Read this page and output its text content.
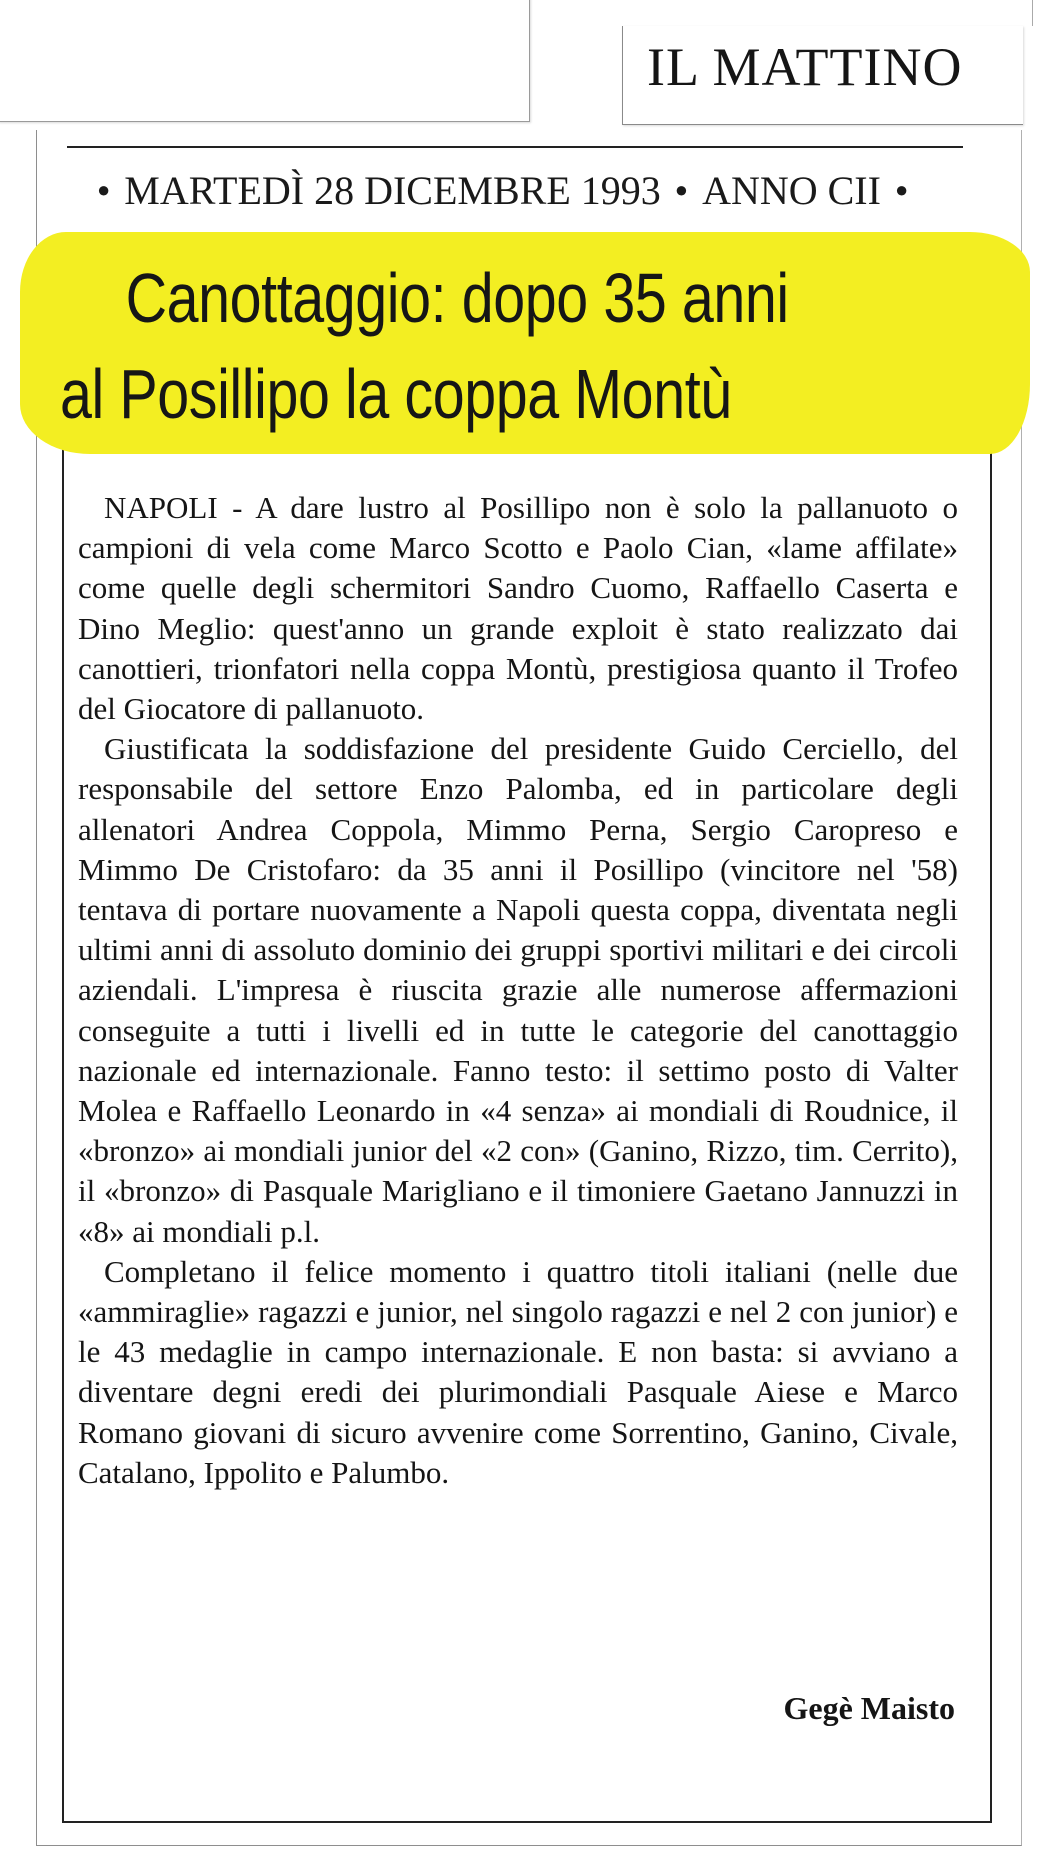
IL MATTINO
● MARTEDÌ 28 DICEMBRE 1993 ● ANNO CII ●
Canottaggio: dopo 35 anni
al Posillipo la coppa Montù

NAPOLI - A dare lustro al Posillipo non è solo la pallanuoto o campioni di vela come Marco Scotto e Paolo Cian, «lame affilate» come quelle degli schermitori Sandro Cuomo, Raffaello Caserta e Dino Meglio: quest'anno un grande exploit è stato realizzato dai canottieri, trionfatori nella coppa Montù, prestigiosa quanto il Trofeo del Giocatore di pallanuoto.

Giustificata la soddisfazione del presidente Guido Cerciello, del responsabile del settore Enzo Palomba, ed in particolare degli allenatori Andrea Coppola, Mimmo Perna, Sergio Caropreso e Mimmo De Cristofaro: da 35 anni il Posillipo (vincitore nel '58) tentava di portare nuovamente a Napoli questa coppa, diventata negli ultimi anni di assoluto dominio dei gruppi sportivi militari e dei circoli aziendali. L'impresa è riuscita grazie alle numerose affermazioni conseguite a tutti i livelli ed in tutte le categorie del canottaggio nazionale ed internazionale. Fanno testo: il settimo posto di Valter Molea e Raffaello Leonardo in «4 senza» ai mondiali di Roudnice, il «bronzo» ai mondiali junior del «2 con» (Ganino, Rizzo, tim. Cerrito), il «bronzo» di Pasquale Marigliano e il timoniere Gaetano Jannuzzi in «8» ai mondiali p.l.

Completano il felice momento i quattro titoli italiani (nelle due «ammiraglie» ragazzi e junior, nel singolo ragazzi e nel 2 con junior) e le 43 medaglie in campo internazionale. E non basta: si avviano a diventare degni eredi dei plurimondiali Pasquale Aiese e Marco Romano giovani di sicuro avvenire come Sorrentino, Ganino, Civale, Catalano, Ippolito e Palumbo.

Gegè Maisto
